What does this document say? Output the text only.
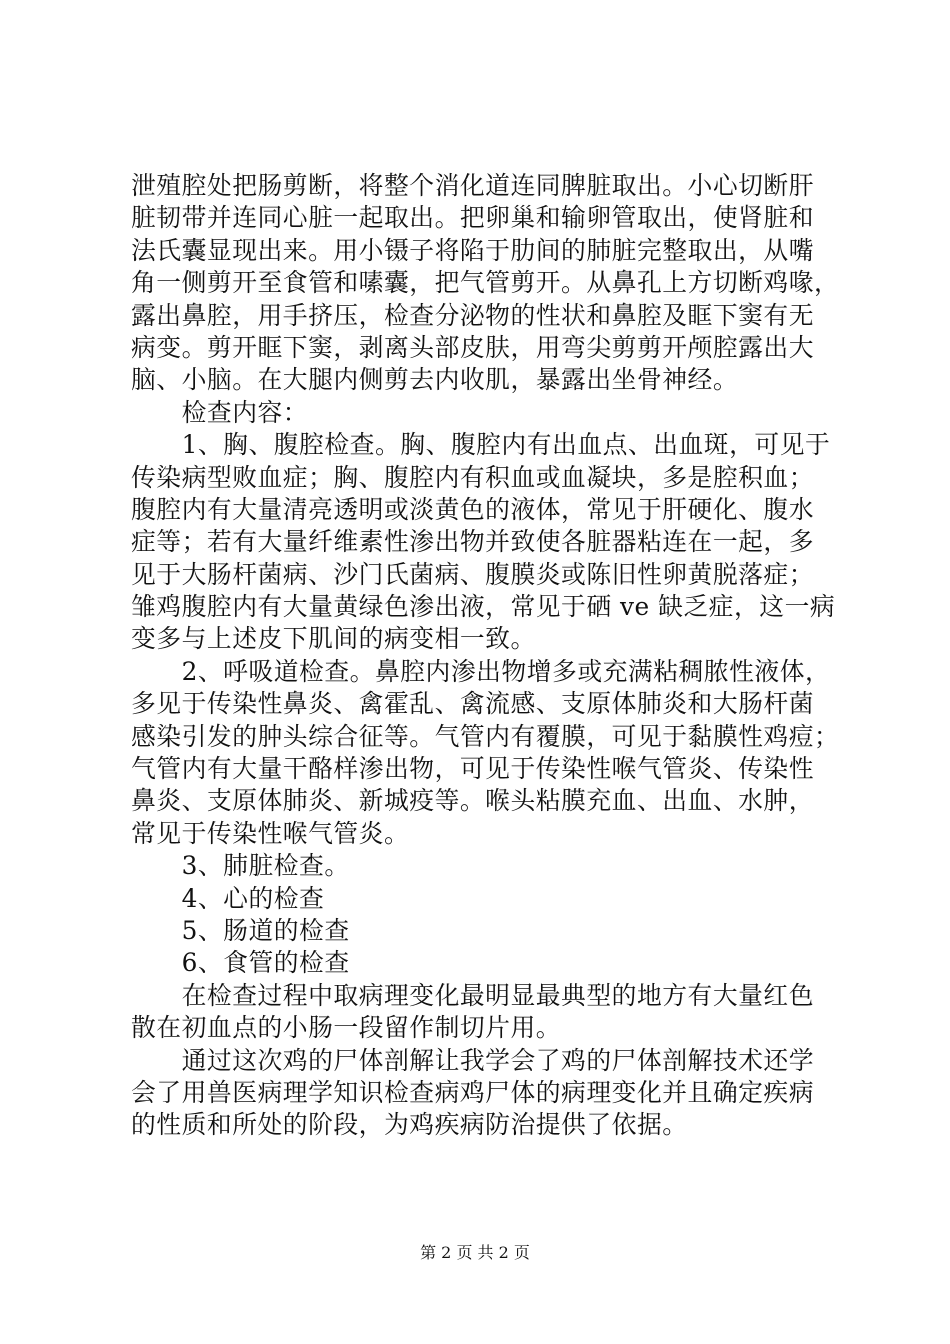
泄殖腔处把肠剪断，将整个消化道连同脾脏取出。小心切断肝
脏韧带并连同心脏一起取出。把卵巢和输卵管取出，使肾脏和
法氏囊显现出来。用小镊子将陷于肋间的肺脏完整取出，从嘴
角一侧剪开至食管和嗉囊，把气管剪开。从鼻孔上方切断鸡喙，
露出鼻腔，用手挤压，检查分泌物的性状和鼻腔及眶下窦有无
病变。剪开眶下窦，剥离头部皮肤，用弯尖剪剪开颅腔露出大
脑、小脑。在大腿内侧剪去内收肌，暴露出坐骨神经。
　　检查内容：
　　1、胸、腹腔检查。胸、腹腔内有出血点、出血斑，可见于
传染病型败血症；胸、腹腔内有积血或血凝块，多是腔积血；
腹腔内有大量清亮透明或淡黄色的液体，常见于肝硬化、腹水
症等；若有大量纤维素性渗出物并致使各脏器粘连在一起，多
见于大肠杆菌病、沙门氏菌病、腹膜炎或陈旧性卵黄脱落症；
雏鸡腹腔内有大量黄绿色渗出液，常见于硒 ve 缺乏症，这一病
变多与上述皮下肌间的病变相一致。
　　2、呼吸道检查。鼻腔内渗出物增多或充满粘稠脓性液体，
多见于传染性鼻炎、禽霍乱、禽流感、支原体肺炎和大肠杆菌
感染引发的肿头综合征等。气管内有覆膜，可见于黏膜性鸡痘；
气管内有大量干酪样渗出物，可见于传染性喉气管炎、传染性
鼻炎、支原体肺炎、新城疫等。喉头粘膜充血、出血、水肿，
常见于传染性喉气管炎。
　　3、肺脏检查。
　　4、心的检查
　　5、肠道的检查
　　6、食管的检查
　　在检查过程中取病理变化最明显最典型的地方有大量红色
散在初血点的小肠一段留作制切片用。
　　通过这次鸡的尸体剖解让我学会了鸡的尸体剖解技术还学
会了用兽医病理学知识检查病鸡尸体的病理变化并且确定疾病
的性质和所处的阶段，为鸡疾病防治提供了依据。
第 2 页 共 2 页
